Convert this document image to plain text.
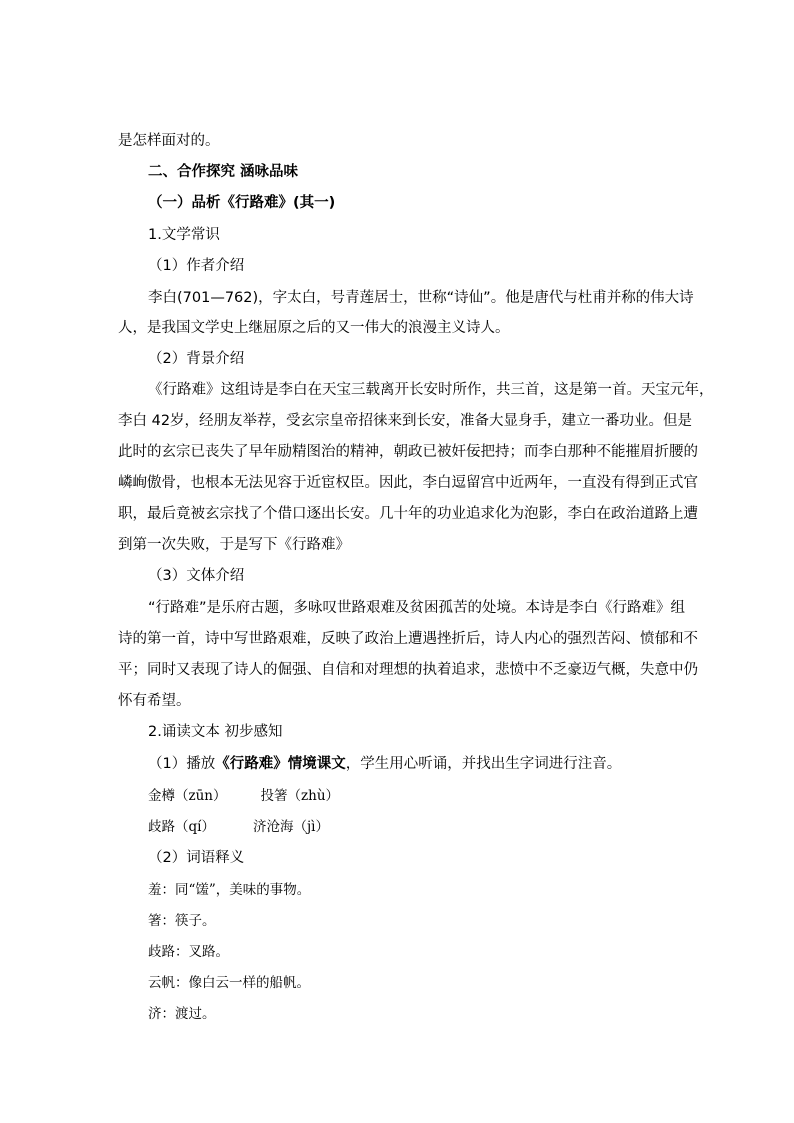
是怎样面对的。
二、合作探究 涵咏品味
（一）品析《行路难》(其一)
1.文学常识
（1）作者介绍
李白(701—762)，字太白，号青莲居士，世称“诗仙”。他是唐代与杜甫并称的伟大诗
人，是我国文学史上继屈原之后的又一伟大的浪漫主义诗人。
（2）背景介绍
《行路难》这组诗是李白在天宝三载离开长安时所作，共三首，这是第一首。天宝元年，
李白 42岁，经朋友举荐，受玄宗皇帝招徕来到长安，准备大显身手，建立一番功业。但是
此时的玄宗已丧失了早年励精图治的精神，朝政已被奸佞把持；而李白那种不能摧眉折腰的
嶙峋傲骨，也根本无法见容于近宦权臣。因此，李白逗留宫中近两年，一直没有得到正式官
职，最后竟被玄宗找了个借口逐出长安。几十年的功业追求化为泡影，李白在政治道路上遭
到第一次失败，于是写下《行路难》
（3）文体介绍
“行路难”是乐府古题，多咏叹世路艰难及贫困孤苦的处境。本诗是李白《行路难》组
诗的第一首，诗中写世路艰难，反映了政治上遭遇挫折后，诗人内心的强烈苦闷、愤郁和不
平；同时又表现了诗人的倔强、自信和对理想的执着追求，悲愤中不乏豪迈气概，失意中仍
怀有希望。
2.诵读文本 初步感知
（1）播放《行路难》情境课文，学生用心听诵，并找出生字词进行注音。
金樽（zūn）	投箸（zhù）
歧路（qí）	济沧海（jì）
（2）词语释义
羞：同“馐”，美味的事物。
箸：筷子。
歧路：叉路。
云帆：像白云一样的船帆。
济：渡过。
